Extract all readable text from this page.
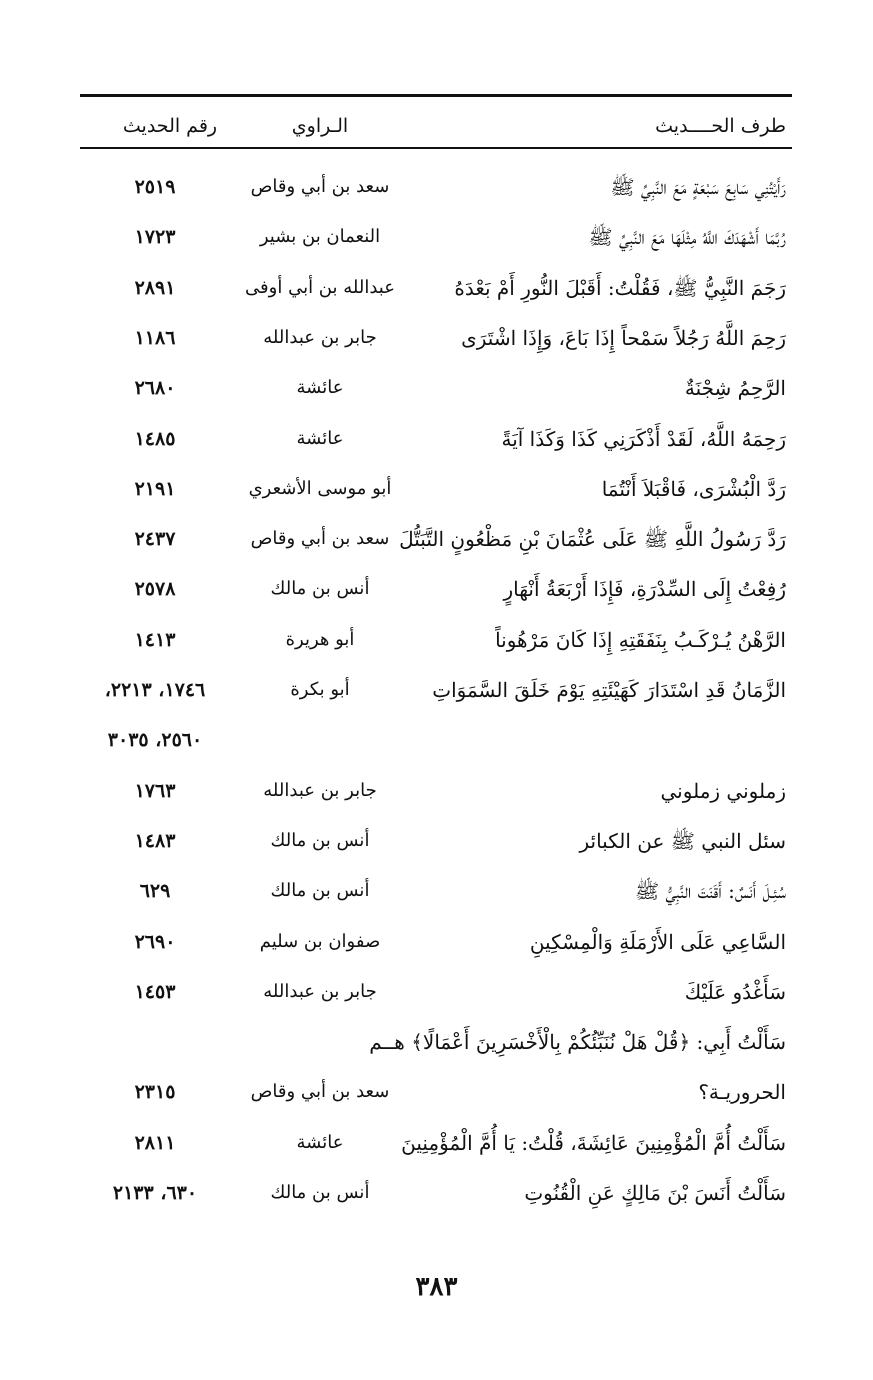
طرف الحــــديث
الـراوي
رقم الحديث
رَأَيْتُنِي سَابِعَ سَبْعَةٍ مَعَ النَّبِيِّ ﷺ
سعد بن أبي وقاص
٢٥١٩
رُبَّمَا أَشْهَدَكَ اللَّهُ مِثْلَهَا مَعَ النَّبِيِّ ﷺ
النعمان بن بشير
١٧٢٣
رَجَمَ النَّبِيُّ ﷺ، فَقُلْتُ: أَقَبْلَ النُّورِ أَمْ بَعْدَهُ
عبدالله بن أبي أوفى
٢٨٩١
رَحِمَ اللَّهُ رَجُلاً سَمْحاً إِذَا بَاعَ، وَإِذَا اشْتَرَى
جابر بن عبدالله
١١٨٦
الرَّحِمُ شِجْنَةٌ
عائشة
٢٦٨٠
رَحِمَهُ اللَّهُ، لَقَدْ أَذْكَرَنِي كَذَا وَكَذَا آيَةً
عائشة
١٤٨٥
رَدَّ الْبُشْرَى، فَاقْبَلاَ أَنْتُمَا
أبو موسى الأشعري
٢١٩١
رَدَّ رَسُولُ اللَّهِ ﷺ عَلَى عُثْمَانَ بْنِ مَظْعُونٍ التَّبَتُّلَ
سعد بن أبي وقاص
٢٤٣٧
رُفِعْتُ إِلَى السِّدْرَةِ، فَإِذَا أَرْبَعَةُ أَنْهَارٍ
أنس بن مالك
٢٥٧٨
الرَّهْنُ يُـرْكَـبُ بِنَفَقَتِهِ إِذَا كَانَ مَرْهُوناً
أبو هريرة
١٤١٣
الزَّمَانُ قَدِ اسْتَدَارَ كَهَيْئَتِهِ يَوْمَ خَلَقَ السَّمَوَاتِ
أبو بكرة
١٧٤٦، ٢٢١٣،
٢٥٦٠، ٣٠٣٥
زملوني زملوني
جابر بن عبدالله
١٧٦٣
سئل النبي ﷺ عن الكبائر
أنس بن مالك
١٤٨٣
سُئِـلَ أَنَسٌ: أَقَنَتَ النَّبِيُّ ﷺ
أنس بن مالك
٦٢٩
السَّاعِي عَلَى الأَرْمَلَةِ وَالْمِسْكِينِ
صفوان بن سليم
٢٦٩٠
سَأَغْدُو عَلَيْكَ
جابر بن عبدالله
١٤٥٣
سَأَلْتُ أَبِي: ﴿قُلْ هَلْ نُنَبِّئُكُمْ بِالْأَخْسَرِينَ أَعْمَالًا﴾ هــم
الحروريـة؟
سعد بن أبي وقاص
٢٣١٥
سَأَلْتُ أُمَّ الْمُؤْمِنِينَ عَائِشَةَ، قُلْتُ: يَا أُمَّ الْمُؤْمِنِينَ
عائشة
٢٨١١
سَأَلْتُ أَنَسَ بْنَ مَالِكٍ عَنِ الْقُنُوتِ
أنس بن مالك
٦٣٠، ٢١٣٣
٣٨٣
